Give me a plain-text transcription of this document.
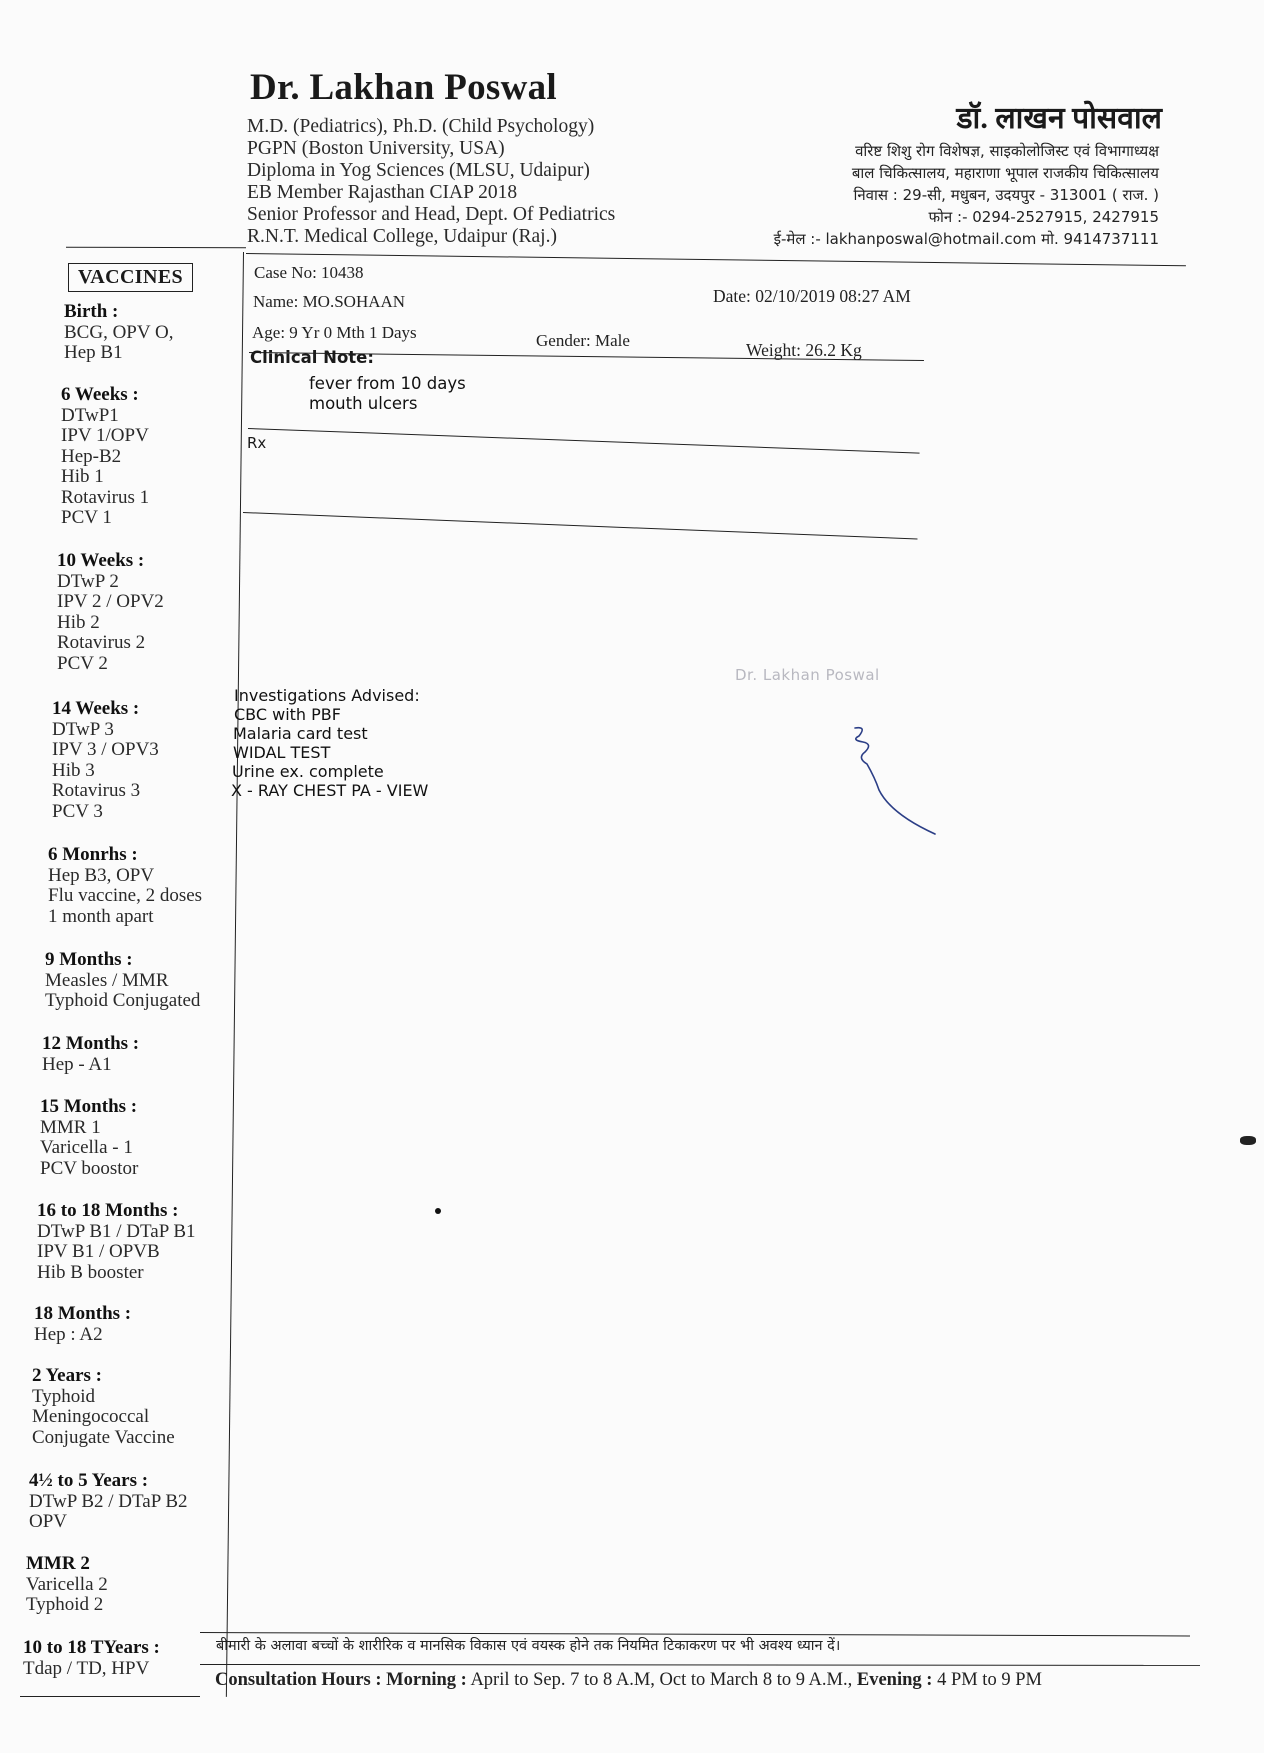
Dr. Lakhan Poswal
M.D. (Pediatrics), Ph.D. (Child Psychology)
PGPN (Boston University, USA)
Diploma in Yog Sciences (MLSU, Udaipur)
EB Member Rajasthan CIAP 2018
Senior Professor and Head, Dept. Of Pediatrics
R.N.T. Medical College, Udaipur (Raj.)
डॉ. लाखन पोसवाल
वरिष्ट शिशु रोग विशेषज्ञ, साइकोलोजिस्ट एवं विभागाध्यक्ष
बाल चिकित्सालय, महाराणा भूपाल राजकीय चिकित्सालय
निवास : 29-सी, मधुबन, उदयपुर - 313001 ( राज. )
फोन :- 0294-2527915, 2427915
ई-मेल :- lakhanposwal@hotmail.com मो. 9414737111
VACCINES
Birth :
BCG, OPV O,
Hep B1
6 Weeks :
DTwP1
IPV 1/OPV
Hep-B2
Hib 1
Rotavirus 1
PCV 1
10 Weeks :
DTwP 2
IPV 2 / OPV2
Hib 2
Rotavirus 2
PCV 2
14 Weeks :
DTwP 3
IPV 3 / OPV3
Hib 3
Rotavirus 3
PCV 3
6 Monrhs :
Hep B3, OPV
Flu vaccine, 2 doses
1 month apart
9 Months :
Measles / MMR
Typhoid Conjugated
12 Months :
Hep - A1
15 Months :
MMR 1
Varicella - 1
PCV boostor
16 to 18 Months :
DTwP B1 / DTaP B1
IPV B1 / OPVB
Hib B booster
18 Months :
Hep : A2
2 Years :
Typhoid
Meningococcal
Conjugate Vaccine
4½ to 5 Years :
DTwP B2 / DTaP B2
OPV
MMR 2
Varicella 2
Typhoid 2
10 to 18 TYears :
Tdap / TD, HPV
Case No: 10438
Name: MO.SOHAAN	Date: 02/10/2019 08:27 AM
Age: 9 Yr 0 Mth 1 Days	Gender: Male	Weight: 26.2 Kg
Clinical Note:
fever from 10 days
mouth ulcers
Rx
Dr. Lakhan Poswal
Investigations Advised:
CBC with PBF
Malaria card test
WIDAL TEST
Urine ex. complete
X - RAY CHEST PA - VIEW
बीमारी के अलावा बच्चों के शारीरिक व मानसिक विकास एवं वयस्क होने तक नियमित टिकाकरण पर भी अवश्य ध्यान दें।
Consultation Hours : Morning : April to Sep. 7 to 8 A.M, Oct to March 8 to 9 A.M., Evening : 4 PM to 9 PM
